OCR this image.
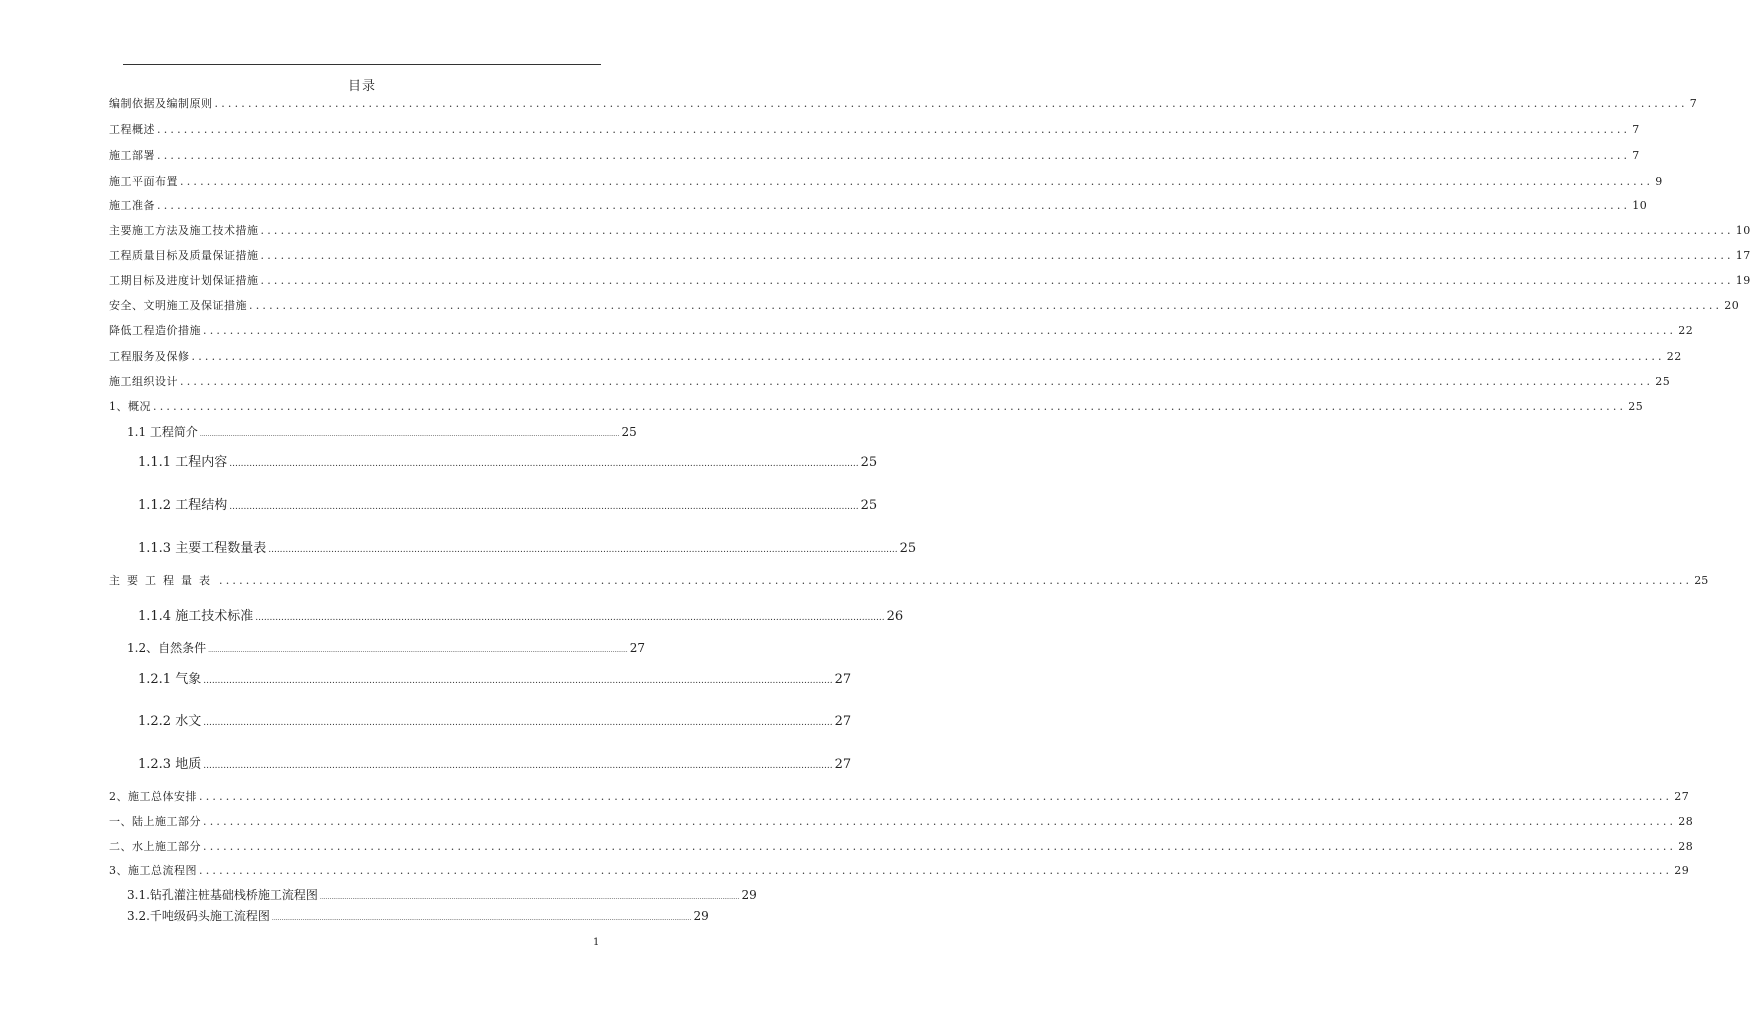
目录
编制依据及编制原则 ............................................................................................................................................................................................................................ 7
工程概述 ............................................................................................................................................................................................................................ 7
施工部署 ............................................................................................................................................................................................................................ 7
施工平面布置 ............................................................................................................................................................................................................................ 9
施工准备 ............................................................................................................................................................................................................................ 10
主要施工方法及施工技术措施 ............................................................................................................................................................................................................................ 10
工程质量目标及质量保证措施 ............................................................................................................................................................................................................................ 17
工期目标及进度计划保证措施 ............................................................................................................................................................................................................................ 19
安全、文明施工及保证措施 ............................................................................................................................................................................................................................ 20
降低工程造价措施 ............................................................................................................................................................................................................................ 22
工程服务及保修 ............................................................................................................................................................................................................................ 22
施工组织设计 ............................................................................................................................................................................................................................ 25
1、概况 ............................................................................................................................................................................................................................ 25
1.1 工程简介 ............................................................................................................................................................................................................................ 25
1.1.1 工程内容 ............................................................................................................................................................................................................................ 25
1.1.2 工程结构 ............................................................................................................................................................................................................................ 25
1.1.3 主要工程数量表 ............................................................................................................................................................................................................................ 25
主要工程量表 ............................................................................................................................................................................................................................ 25
1.1.4 施工技术标准 ............................................................................................................................................................................................................................ 26
1.2、自然条件 ............................................................................................................................................................................................................................ 27
1.2.1 气象 ............................................................................................................................................................................................................................ 27
1.2.2 水文 ............................................................................................................................................................................................................................ 27
1.2.3 地质 ............................................................................................................................................................................................................................ 27
2、施工总体安排 ............................................................................................................................................................................................................................ 27
一、陆上施工部分 ............................................................................................................................................................................................................................ 28
二、水上施工部分 ............................................................................................................................................................................................................................ 28
3、施工总流程图 ............................................................................................................................................................................................................................ 29
3.1.钻孔灌注桩基础栈桥施工流程图 ............................................................................................................................................................................................................................ 29
3.2.千吨级码头施工流程图 ............................................................................................................................................................................................................................ 29
1
